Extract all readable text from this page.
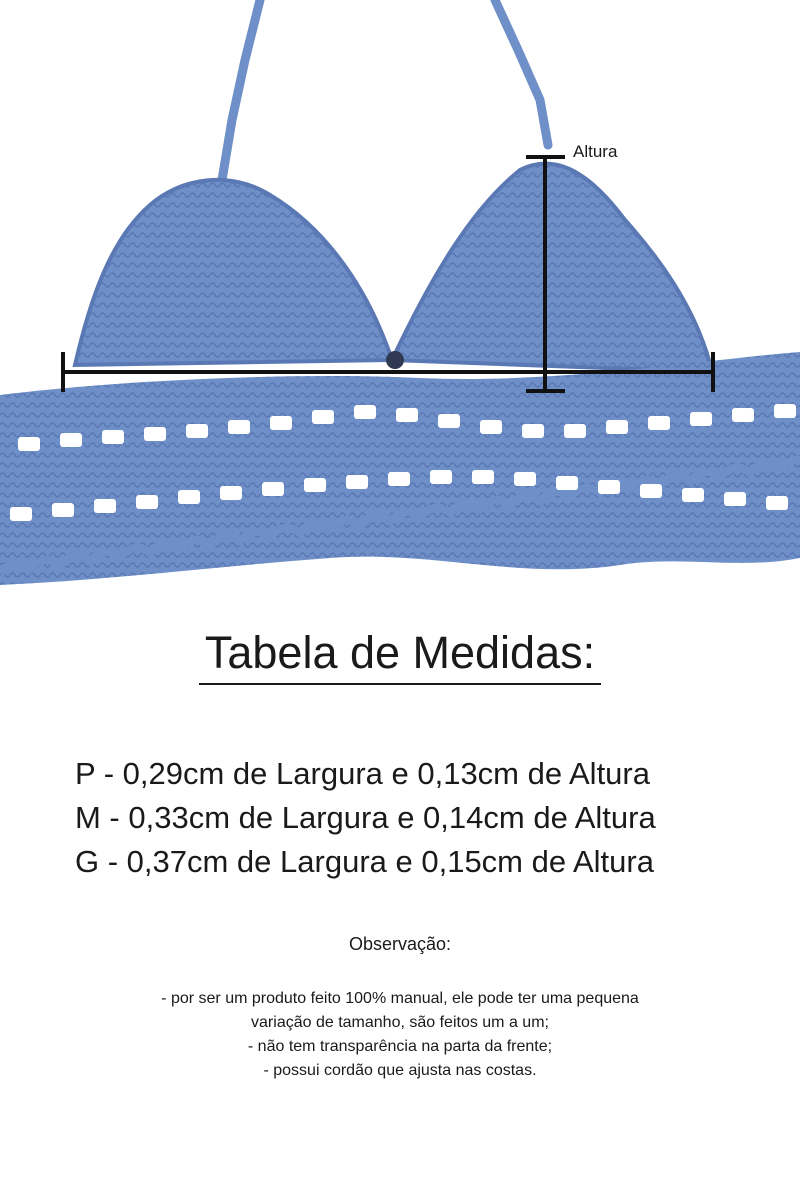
Altura
Tabela de Medidas:
P - 0,29cm de Largura e 0,13cm de Altura
M - 0,33cm de Largura e 0,14cm de Altura
G - 0,37cm de Largura e 0,15cm de Altura
Observação:
- por ser um produto feito 100% manual, ele pode ter uma pequena
variação de tamanho, são feitos um a um;
- não tem transparência na parta da frente;
- possui cordão que ajusta nas costas.
